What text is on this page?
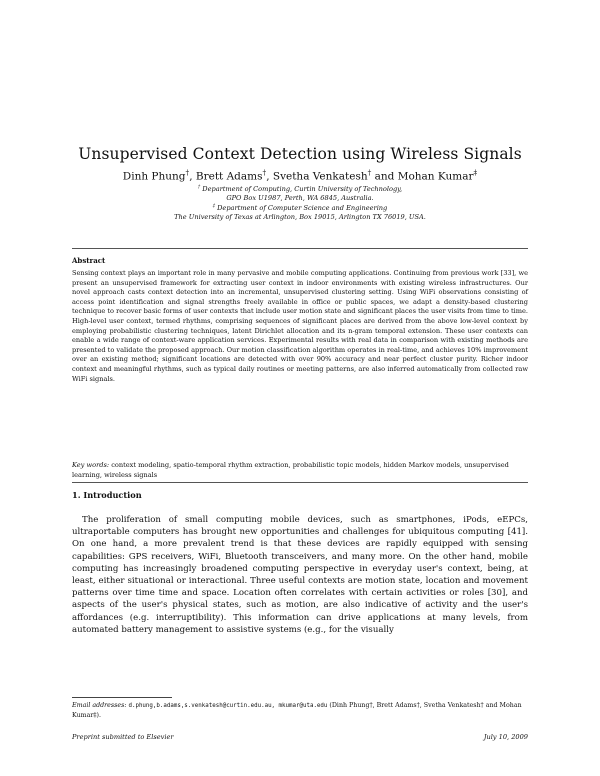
Unsupervised Context Detection using Wireless Signals
Dinh Phung†, Brett Adams†, Svetha Venkatesh† and Mohan Kumar‡
† Department of Computing, Curtin University of Technology,
GPO Box U1987, Perth, WA 6845, Australia.
‡ Department of Computer Science and Engineering
The University of Texas at Arlington, Box 19015, Arlington TX 76019, USA.
Abstract
Sensing context plays an important role in many pervasive and mobile computing applications. Continuing from previous work [33], we present an unsupervised framework for extracting user context in indoor environments with existing wireless infrastructures. Our novel approach casts context detection into an incremental, unsupervised clustering setting. Using WiFi observations consisting of access point identification and signal strengths freely available in office or public spaces, we adapt a density-based clustering technique to recover basic forms of user contexts that include user motion state and significant places the user visits from time to time. High-level user context, termed rhythms, comprising sequences of significant places are derived from the above low-level context by employing probabilistic clustering techniques, latent Dirichlet allocation and its n-gram temporal extension. These user contexts can enable a wide range of context-ware application services. Experimental results with real data in comparison with existing methods are presented to validate the proposed approach. Our motion classification algorithm operates in real-time, and achieves 10% improvement over an existing method; significant locations are detected with over 90% accuracy and near perfect cluster purity. Richer indoor context and meaningful rhythms, such as typical daily routines or meeting patterns, are also inferred automatically from collected raw WiFi signals.
Key words: context modeling, spatio-temporal rhythm extraction, probabilistic topic models, hidden Markov models, unsupervised learning, wireless signals
1. Introduction
The proliferation of small computing mobile devices, such as smartphones, iPods, eEPCs, ultraportable computers has brought new opportunities and challenges for ubiquitous computing [41]. On one hand, a more prevalent trend is that these devices are rapidly equipped with sensing capabilities: GPS receivers, WiFi, Bluetooth transceivers, and many more. On the other hand, mobile computing has increasingly broadened computing perspective in everyday user's context, being, at least, either situational or interactional. Three useful contexts are motion state, location and movement patterns over time time and space. Location often correlates with certain activities or roles [30], and aspects of the user's physical states, such as motion, are also indicative of activity and the user's affordances (e.g. interruptibility). This information can drive applications at many levels, from automated battery management to assistive systems (e.g., for the visually
Email addresses: d.phung,b.adams,s.venkatesh@curtin.edu.au, mkumar@uta.edu (Dinh Phung†, Brett Adams†, Svetha Venkatesh† and Mohan Kumar‡).
Preprint submitted to Elsevier	July 10, 2009
